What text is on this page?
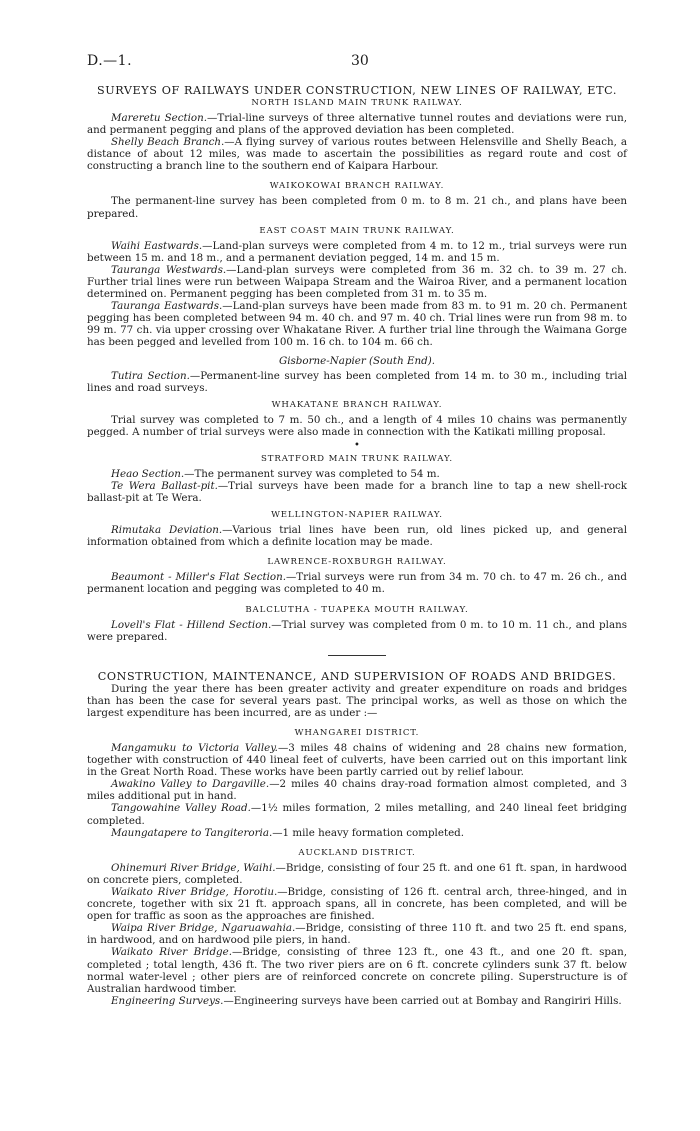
D.—1.	30
SURVEYS OF RAILWAYS UNDER CONSTRUCTION, NEW LINES OF RAILWAY, ETC.
NORTH ISLAND MAIN TRUNK RAILWAY.

Mareretu Section.—Trial-line surveys of three alternative tunnel routes and deviations were run, and permanent pegging and plans of the approved deviation has been completed.

Shelly Beach Branch.—A flying survey of various routes between Helensville and Shelly Beach, a distance of about 12 miles, was made to ascertain the possibilities as regard route and cost of constructing a branch line to the southern end of Kaipara Harbour.

WAIKOKOWAI BRANCH RAILWAY.

The permanent-line survey has been completed from 0 m. to 8 m. 21 ch., and plans have been prepared.

EAST COAST MAIN TRUNK RAILWAY.

Waihi Eastwards.—Land-plan surveys were completed from 4 m. to 12 m., trial surveys were run between 15 m. and 18 m., and a permanent deviation pegged, 14 m. and 15 m.

Tauranga Westwards.—Land-plan surveys were completed from 36 m. 32 ch. to 39 m. 27 ch. Further trial lines were run between Waipapa Stream and the Wairoa River, and a permanent location determined on. Permanent pegging has been completed from 31 m. to 35 m.

Tauranga Eastwards.—Land-plan surveys have been made from 83 m. to 91 m. 20 ch. Permanent pegging has been completed between 94 m. 40 ch. and 97 m. 40 ch. Trial lines were run from 98 m. to 99 m. 77 ch. via upper crossing over Whakatane River. A further trial line through the Waimana Gorge has been pegged and levelled from 100 m. 16 ch. to 104 m. 66 ch.

Gisborne-Napier (South End).

Tutira Section.—Permanent-line survey has been completed from 14 m. to 30 m., including trial lines and road surveys.

WHAKATANE BRANCH RAILWAY.

Trial survey was completed to 7 m. 50 ch., and a length of 4 miles 10 chains was permanently pegged. A number of trial surveys were also made in connection with the Katikati milling proposal.

•
STRATFORD MAIN TRUNK RAILWAY.

Heao Section.—The permanent survey was completed to 54 m.

Te Wera Ballast-pit.—Trial surveys have been made for a branch line to tap a new shell-rock ballast-pit at Te Wera.

WELLINGTON-NAPIER RAILWAY.

Rimutaka Deviation.—Various trial lines have been run, old lines picked up, and general information obtained from which a definite location may be made.

LAWRENCE-ROXBURGH RAILWAY.

Beaumont - Miller's Flat Section.—Trial surveys were run from 34 m. 70 ch. to 47 m. 26 ch., and permanent location and pegging was completed to 40 m.

BALCLUTHA - TUAPEKA MOUTH RAILWAY.

Lovell's Flat - Hillend Section.—Trial survey was completed from 0 m. to 10 m. 11 ch., and plans were prepared.

CONSTRUCTION, MAINTENANCE, AND SUPERVISION OF ROADS AND BRIDGES.

During the year there has been greater activity and greater expenditure on roads and bridges than has been the case for several years past. The principal works, as well as those on which the largest expenditure has been incurred, are as under :—

WHANGAREI DISTRICT.

Mangamuku to Victoria Valley.—3 miles 48 chains of widening and 28 chains new formation, together with construction of 440 lineal feet of culverts, have been carried out on this important link in the Great North Road. These works have been partly carried out by relief labour.

Awakino Valley to Dargaville.—2 miles 40 chains dray-road formation almost completed, and 3 miles additional put in hand.

Tangowahine Valley Road.—1½ miles formation, 2 miles metalling, and 240 lineal feet bridging completed.

Maungatapere to Tangiteroria.—1 mile heavy formation completed.

AUCKLAND DISTRICT.

Ohinemuri River Bridge, Waihi.—Bridge, consisting of four 25 ft. and one 61 ft. span, in hardwood on concrete piers, completed.

Waikato River Bridge, Horotiu.—Bridge, consisting of 126 ft. central arch, three-hinged, and in concrete, together with six 21 ft. approach spans, all in concrete, has been completed, and will be open for traffic as soon as the approaches are finished.

Waipa River Bridge, Ngaruawahia.—Bridge, consisting of three 110 ft. and two 25 ft. end spans, in hardwood, and on hardwood pile piers, in hand.

Waikato River Bridge.—Bridge, consisting of three 123 ft., one 43 ft., and one 20 ft. span, completed ; total length, 436 ft. The two river piers are on 6 ft. concrete cylinders sunk 37 ft. below normal water-level ; other piers are of reinforced concrete on concrete piling. Superstructure is of Australian hardwood timber.

Engineering Surveys.—Engineering surveys have been carried out at Bombay and Rangiriri Hills.
